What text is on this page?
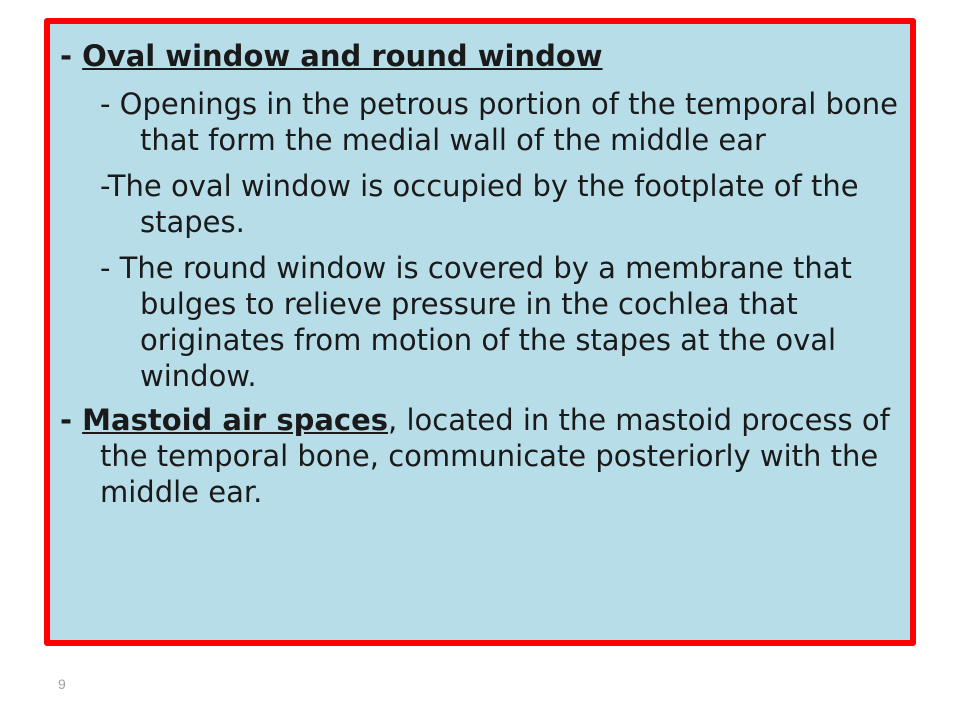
- Oval window and round window

- Openings in the petrous portion of the temporal bone that form the medial wall of the middle ear

-The oval window is occupied by the footplate of the stapes.

- The round window is covered by a membrane that bulges to relieve pressure in the cochlea that originates from motion of the stapes at the oval window.

- Mastoid air spaces, located in the mastoid process of the temporal bone, communicate posteriorly with the middle ear.

9
